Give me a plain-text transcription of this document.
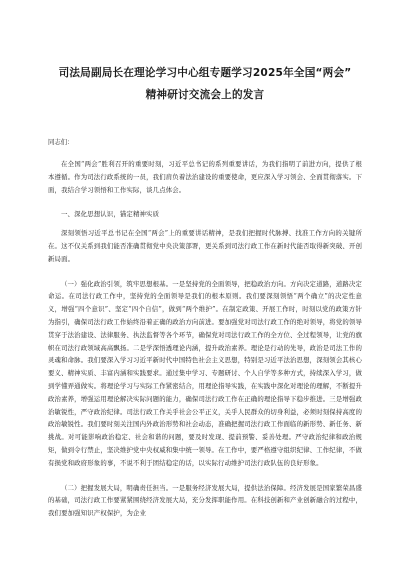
司法局副局长在理论学习中心组专题学习2025年全国“两会”
精神研讨交流会上的发言
同志们：

在全国“两会”胜利召开的重要时刻，习近平总书记的系列重要讲话，为我们指明了前进方向，提供了根本遵循。作为司法行政系统的一员，我们肩负着法治建设的重要使命，更应深入学习领会、全面贯彻落实。下面，我结合学习领悟和工作实际，谈几点体会。

一、深化思想认识，锚定精神实质

深刻领悟习近平总书记在全国“两会”上的重要讲话精神，是我们把握时代脉搏、找准工作方向的关键所在。这不仅关系到我们能否准确贯彻党中央决策部署，更关系到司法行政工作在新时代能否取得新突破、开创新局面。

（一）强化政治引领，筑牢思想根基。一是坚持党的全面领导，把稳政治方向。方向决定道路，道路决定命运。在司法行政工作中，坚持党的全面领导是我们的根本原则。我们要深刻领悟“两个确立”的决定性意义，增强“四个意识”、坚定“四个自信”，做到“两个维护”。在制定政策、开展工作时，时刻以党的政策方针为指引，确保司法行政工作始终沿着正确的政治方向前进。要加强党对司法行政工作的绝对领导，将党的领导贯穿于法治建设、法律服务、执法监督等各个环节，确保党对司法行政工作的全方位、全过程领导，让党的旗帜在司法行政领域高高飘扬。二是学深悟透理论内涵，提升政治素养。理论是行动的先导，政治是司法工作的灵魂和命脉。我们要深入学习习近平新时代中国特色社会主义思想，特别是习近平法治思想，深刻领会其核心要义、精神实质、丰富内涵和实践要求。通过集中学习、专题研讨、个人自学等多种方式，持续深入学习，做到学懂弄通做实。将理论学习与实际工作紧密结合，用理论指导实践，在实践中深化对理论的理解，不断提升政治素养，增强运用理论解决实际问题的能力，确保司法行政工作在正确的理论指导下稳步推进。三是增强政治敏锐性，严守政治纪律。司法行政工作关乎社会公平正义，关乎人民群众的切身利益，必须时刻保持高度的政治敏锐性。我们要时刻关注国内外政治形势和社会动态，准确把握司法行政工作面临的新形势、新任务、新挑战。对可能影响政治稳定、社会和谐的问题，要及时发现、提前预警、妥善处理。严守政治纪律和政治规矩，做到令行禁止，坚决维护党中央权威和集中统一领导。在工作中，要严格遵守组织纪律、工作纪律，不做有损党和政府形象的事，不说不利于团结稳定的话，以实际行动维护司法行政队伍的良好形象。

（二）把握发展大局，明确责任担当。一是服务经济发展大局，提供法治保障。经济发展是国家繁荣昌盛的基础，司法行政工作要紧紧围绕经济发展大局，充分发挥职能作用。在科技创新和产业创新融合的过程中，我们要加强知识产权保护，为企业
